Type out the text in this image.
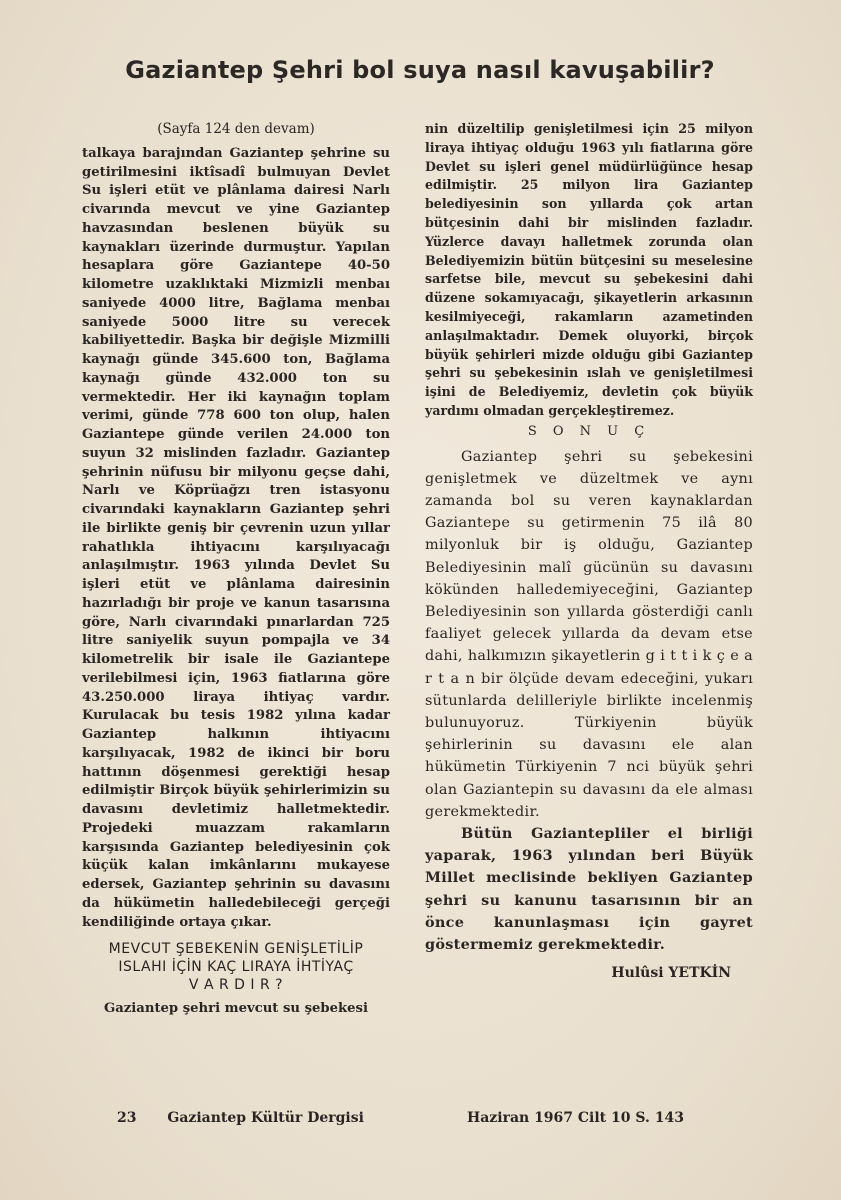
Gaziantep Şehri bol suya nasıl kavuşabilir?

(Sayfa 124 den devam)

talkaya barajından Gaziantep şehrine su getirilmesini iktîsadî bulmuyan Devlet Su işleri etüt ve plânlama dairesi Narlı civarında mevcut ve yine Gaziantep havzasından beslenen büyük su kaynakları üzerinde durmuştur. Yapılan hesaplara göre Gaziantepe 40-50 kilometre uzaklıktaki Mizmizli menbaı saniyede 4000 litre, Bağlama menbaı saniyede 5000 litre su verecek kabiliyettedir. Başka bir değişle Mizmilli kaynağı günde 345.600 ton, Bağlama kaynağı günde 432.000 ton su vermektedir. Her iki kaynağın toplam verimi, günde 778 600 ton olup, halen Gaziantepe günde verilen 24.000 ton suyun 32 mislinden fazladır. Gaziantep şehrinin nüfusu bir milyonu geçse dahi, Narlı ve Köprüağzı tren istasyonu civarındaki kaynakların Gaziantep şehri ile birlikte geniş bir çevrenin uzun yıllar rahatlıkla ihtiyacını karşılıyacağı anlaşılmıştır. 1963 yılında Devlet Su işleri etüt ve plânlama dairesinin hazırladığı bir proje ve kanun tasarısına göre, Narlı civarındaki pınarlardan 725 litre saniyelik suyun pompajla ve 34 kilometrelik bir isale ile Gaziantepe verilebilmesi için, 1963 fiatlarına göre 43.250.000 liraya ihtiyaç vardır. Kurulacak bu tesis 1982 yılına kadar Gaziantep halkının ihtiyacını karşılıyacak, 1982 de ikinci bir boru hattının döşenmesi gerektiği hesap edilmiştir Birçok büyük şehirlerimizin su davasını devletimiz halletmektedir. Projedeki muazzam rakamların karşısında Gaziantep belediyesinin çok küçük kalan imkânlarını mukayese edersek, Gaziantep şehrinin su davasını da hükümetin halledebileceği gerçeği kendiliğinde ortaya çıkar.

MEVCUT ŞEBEKENİN GENİŞLETİLİP
ISLAHI İÇİN KAÇ LIRAYA İHTİYAÇ
V A R D I R ?

Gaziantep şehri mevcut su şebekesi

nin düzeltilip genişletilmesi için 25 milyon liraya ihtiyaç olduğu 1963 yılı fiatlarına göre Devlet su işleri genel müdürlüğünce hesap edilmiştir. 25 milyon lira Gaziantep belediyesinin son yıllarda çok artan bütçesinin dahi bir mislinden fazladır. Yüzlerce davayı halletmek zorunda olan Belediyemizin bütün bütçesini su meselesine sarfetse bile, mevcut su şebekesini dahi düzene sokamıyacağı, şikayetlerin arkasının kesilmiyeceği, rakamların azametinden anlaşılmaktadır. Demek oluyorki, birçok büyük şehirleri mizde olduğu gibi Gaziantep şehri su şebekesinin ıslah ve genişletilmesi işini de Belediyemiz, devletin çok büyük yardımı olmadan gerçekleştiremez.

S O N U Ç

Gaziantep şehri su şebekesini genişletmek ve düzeltmek ve aynı zamanda bol su veren kaynaklardan Gaziantepe su getirmenin 75 ilâ 80 milyonluk bir iş olduğu, Gaziantep Belediyesinin malî gücünün su davasını kökünden halledemiyeceğini, Gaziantep Belediyesinin son yıllarda gösterdiği canlı faaliyet gelecek yıllarda da devam etse dahi, halkımızın şikayetlerin g i t t i k ç e a r t a n bir ölçüde devam edeceğini, yukarı sütunlarda delilleriyle birlikte incelenmiş bulunuyoruz. Türkiyenin büyük şehirlerinin su davasını ele alan hükümetin Türkiyenin 7 nci büyük şehri olan Gaziantepin su davasını da ele alması gerekmektedir.

Bütün Gaziantepliler el birliği yaparak, 1963 yılından beri Büyük Millet meclisinde bekliyen Gaziantep şehri su kanunu tasarısının bir an önce kanunlaşması için gayret göstermemiz gerekmektedir.

Hulûsi YETKİN

23 Gaziantep Kültür Dergisi	Haziran 1967 Cilt 10 S. 143
